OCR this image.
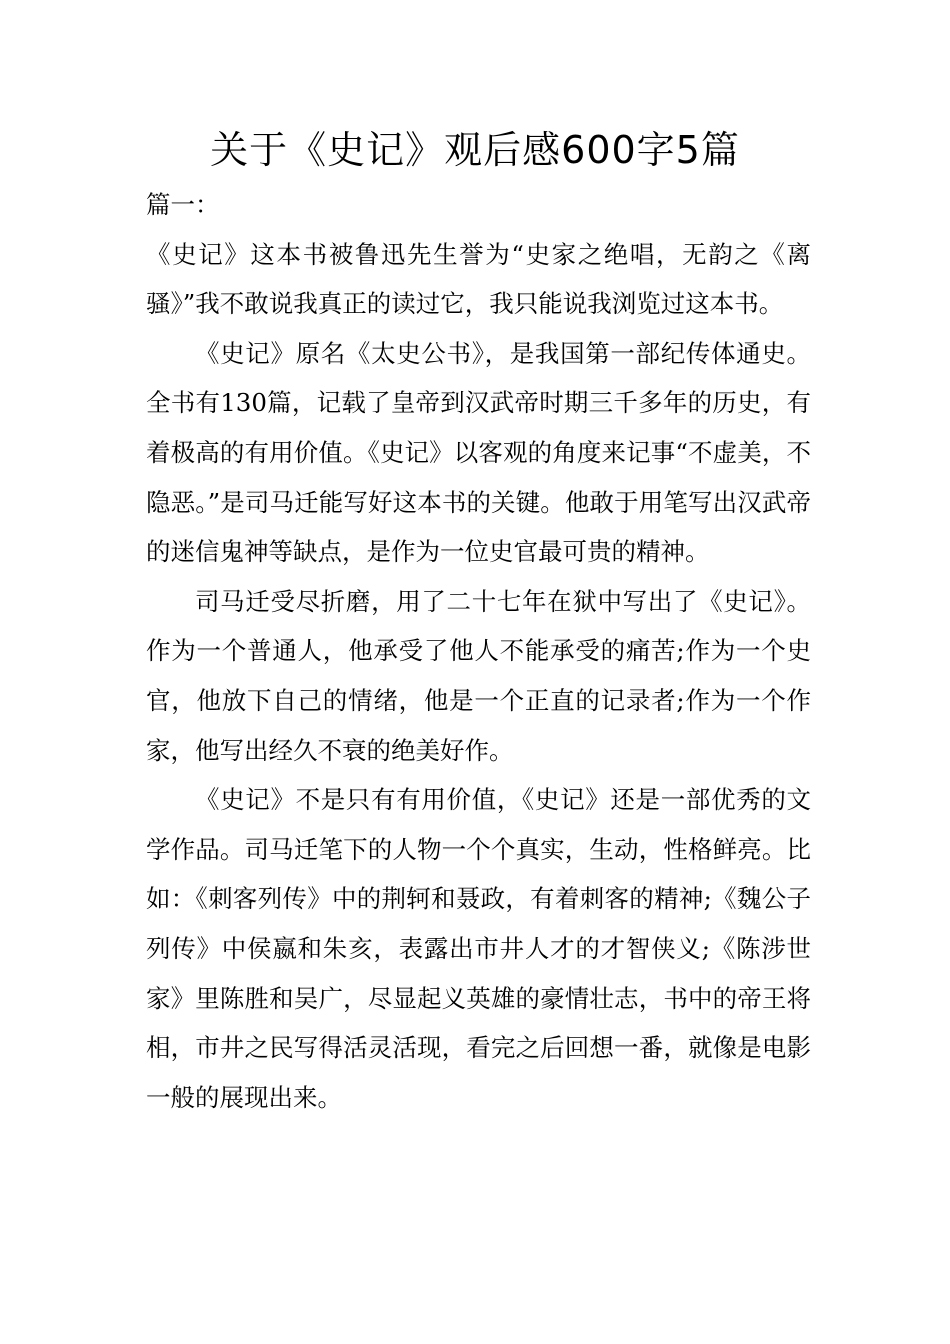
关于《史记》观后感600字5篇

篇一：

《史记》这本书被鲁迅先生誉为“史家之绝唱，无韵之《离骚》”我不敢说我真正的读过它，我只能说我浏览过这本书。

《史记》原名《太史公书》，是我国第一部纪传体通史。全书有130篇，记载了皇帝到汉武帝时期三千多年的历史，有着极高的有用价值。《史记》以客观的角度来记事“不虚美，不隐恶。”是司马迁能写好这本书的关键。他敢于用笔写出汉武帝的迷信鬼神等缺点，是作为一位史官最可贵的精神。

司马迁受尽折磨，用了二十七年在狱中写出了《史记》。作为一个普通人，他承受了他人不能承受的痛苦;作为一个史官，他放下自己的情绪，他是一个正直的记录者;作为一个作家，他写出经久不衰的绝美好作。

《史记》不是只有有用价值，《史记》还是一部优秀的文学作品。司马迁笔下的人物一个个真实，生动，性格鲜亮。比如：《刺客列传》中的荆轲和聂政，有着刺客的精神;《魏公子列传》中侯嬴和朱亥，表露出市井人才的才智侠义;《陈涉世家》里陈胜和吴广，尽显起义英雄的豪情壮志，书中的帝王将相，市井之民写得活灵活现，看完之后回想一番，就像是电影一般的展现出来。
